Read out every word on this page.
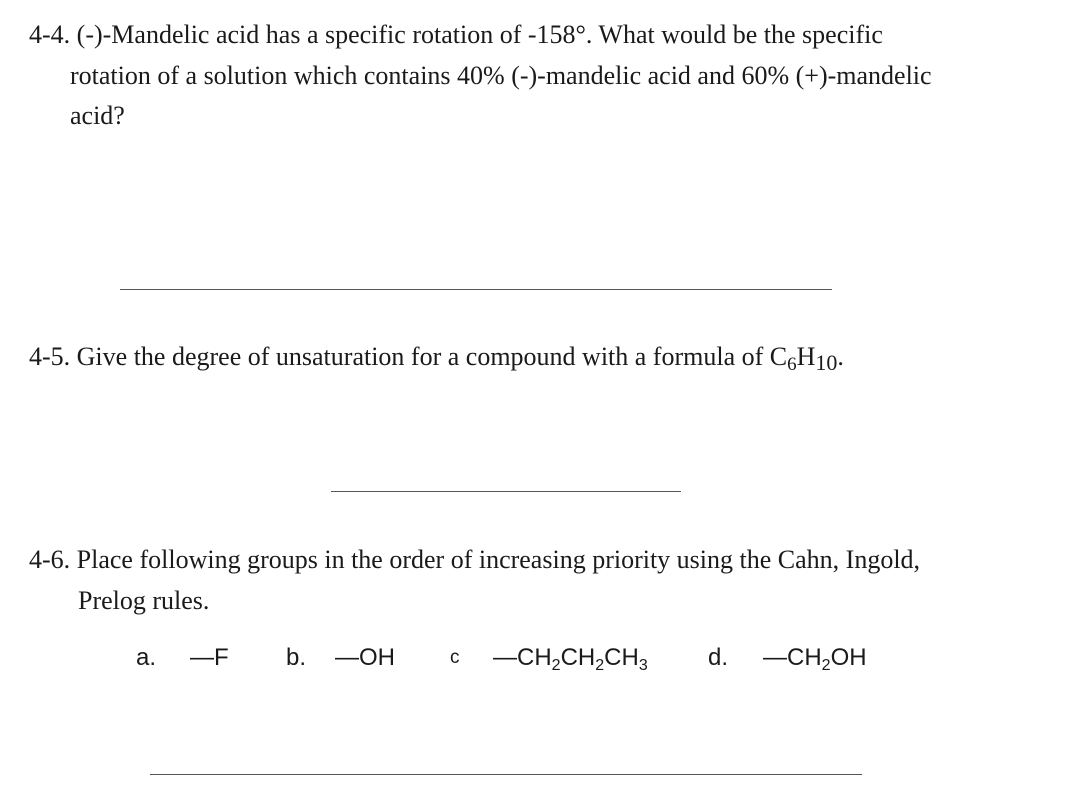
4-4. (-)-Mandelic acid has a specific rotation of -158°. What would be the specific

rotation of a solution which contains 40% (-)-mandelic acid and 60% (+)-mandelic

acid?

4-5. Give the degree of unsaturation for a compound with a formula of $C_6H_{10}$.

4-6. Place following groups in the order of increasing priority using the Cahn, Ingold,

Prelog rules.

a. —F b. —OH	c $—CH_2CH_2CH_3$	d. $—CH_2OH$
